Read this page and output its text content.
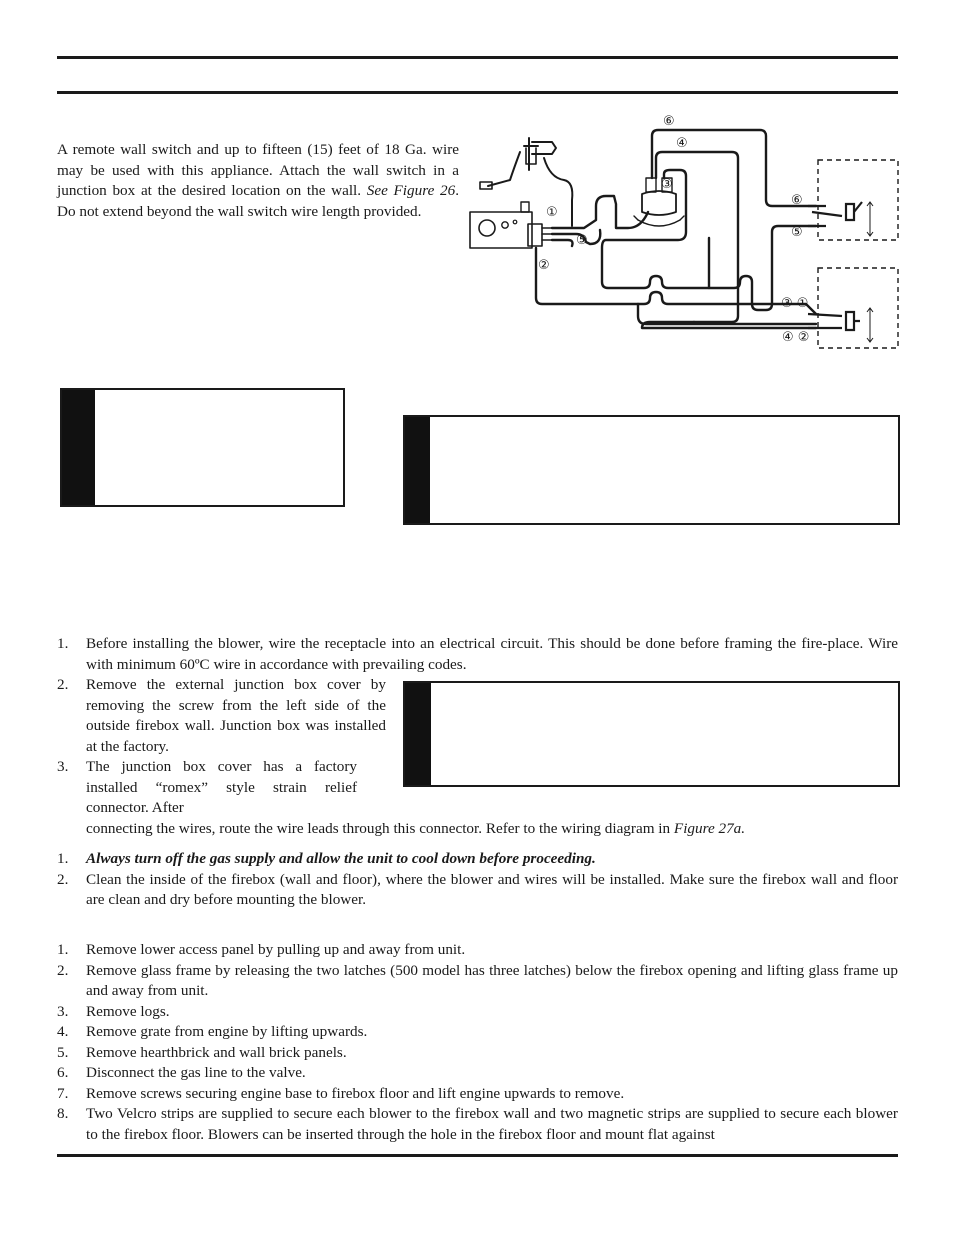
A remote wall switch and up to fifteen (15) feet of 18 Ga. wire may be used with this appliance. Attach the wall switch in a junction box at the desired location on the wall. See Figure 26. Do not extend beyond the wall switch wire length provided.

⑥
④
③
①
⑤
②
⑥
⑤
③ ①
④ ②
1. Before installing the blower, wire the receptacle into an electrical circuit. This should be done before framing the fire-place. Wire with minimum 60ºC wire in accordance with prevailing codes.
2. Remove the external junction box cover by removing the screw from the left side of the outside firebox wall. Junction box was installed at the factory.
3. The junction box cover has a factory installed “romex” style strain relief connector. After
connecting the wires, route the wire leads through this connector. Refer to the wiring diagram in Figure 27a.
1. Always turn off the gas supply and allow the unit to cool down before proceeding.
2. Clean the inside of the firebox (wall and floor), where the blower and wires will be installed. Make sure the firebox wall and floor are clean and dry before mounting the blower.
1. Remove lower access panel by pulling up and away from unit.
2. Remove glass frame by releasing the two latches (500 model has three latches) below the firebox opening and lifting glass frame up and away from unit.
3. Remove logs.
4. Remove grate from engine by lifting upwards.
5. Remove hearthbrick and wall brick panels.
6. Disconnect the gas line to the valve.
7. Remove screws securing engine base to firebox floor and lift engine upwards to remove.
8. Two Velcro strips are supplied to secure each blower to the firebox wall and two magnetic strips are supplied to secure each blower to the firebox floor. Blowers can be inserted through the hole in the firebox floor and mount flat against
